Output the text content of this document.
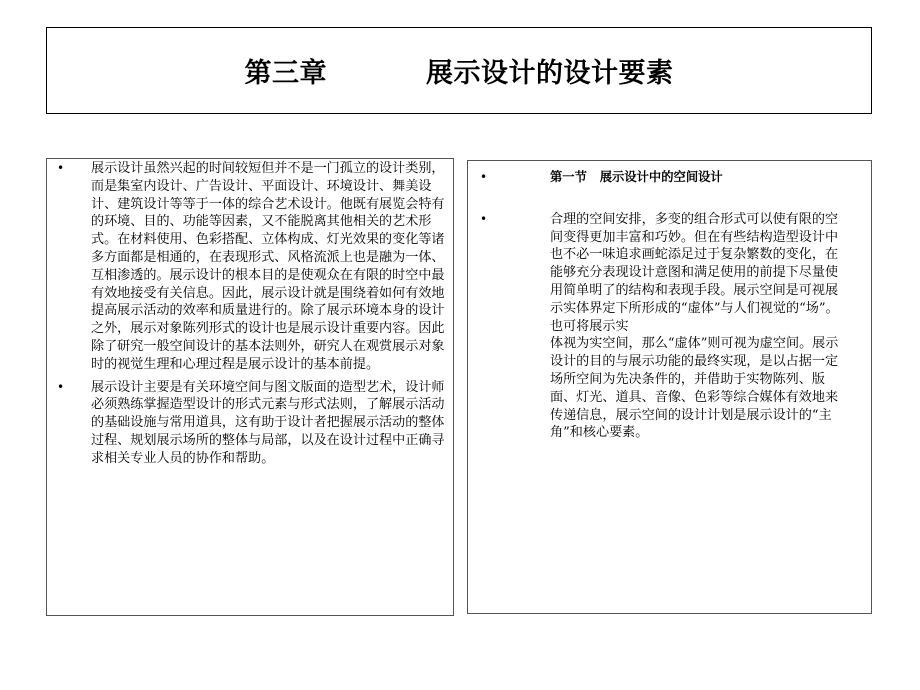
第三章          展示设计的设计要素
• 展示设计虽然兴起的时间较短但并不是一门孤立的设计类别，而是集室内设计、广告设计、平面设计、环境设计、舞美设计、建筑设计等等于一体的综合艺术设计。他既有展览会特有的环境、目的、功能等因素，又不能脱离其他相关的艺术形式。在材料使用、色彩搭配、立体构成、灯光效果的变化等诸多方面都是相通的，在表现形式、风格流派上也是融为一体、互相渗透的。展示设计的根本目的是使观众在有限的时空中最有效地接受有关信息。因此，展示设计就是围绕着如何有效地提高展示活动的效率和质量进行的。除了展示环境本身的设计之外，展示对象陈列形式的设计也是展示设计重要内容。因此除了研究一般空间设计的基本法则外，研究人在观赏展示对象时的视觉生理和心理过程是展示设计的基本前提。
• 展示设计主要是有关环境空间与图文版面的造型艺术，设计师必须熟练掌握造型设计的形式元素与形式法则，了解展示活动的基础设施与常用道具，这有助于设计者把握展示活动的整体过程、规划展示场所的整体与局部，以及在设计过程中正确寻求相关专业人员的协作和帮助。
•	第一节   展示设计中的空间设计
•	合理的空间安排，多变的组合形式可以使有限的空间变得更加丰富和巧妙。但在有些结构造型设计中也不必一味追求画蛇添足过于复杂繁数的变化，在能够充分表现设计意图和满足使用的前提下尽量使用简单明了的结构和表现手段。展示空间是可视展示实体界定下所形成的“虚体”与人们视觉的“场”。也可将展示实
体视为实空间，那么“虚体”则可视为虚空间。展示设计的目的与展示功能的最终实现，是以占据一定场所空间为先决条件的，并借助于实物陈列、版面、灯光、道具、音像、色彩等综合媒体有效地来传递信息，展示空间的设计计划是展示设计的“主角”和核心要素。
